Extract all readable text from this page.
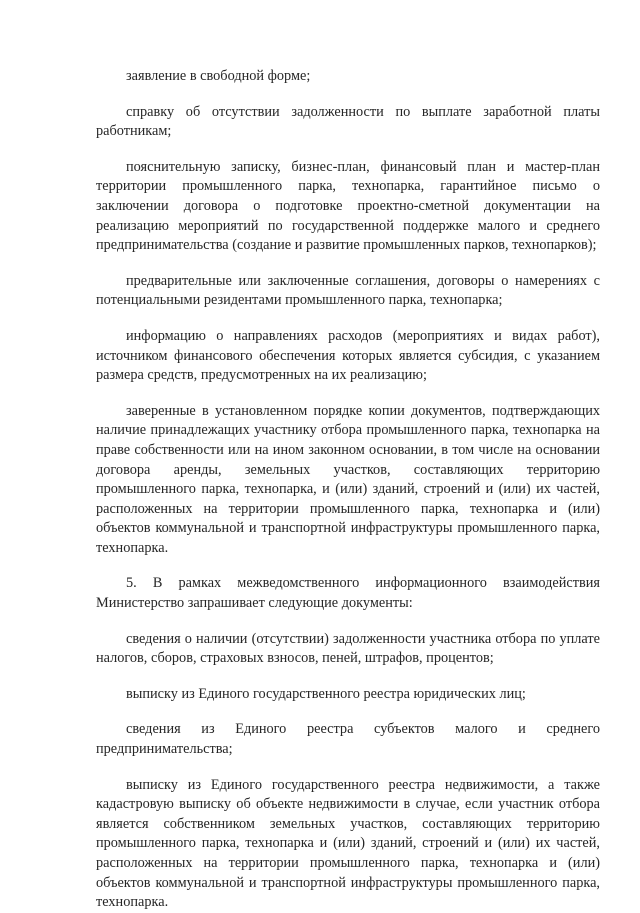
заявление в свободной форме;

справку об отсутствии задолженности по выплате заработной платы работникам;

пояснительную записку, бизнес-план, финансовый план и мастер-план территории промышленного парка, технопарка, гарантийное письмо о заключении договора о подготовке проектно-сметной документации на реализацию мероприятий по государственной поддержке малого и среднего предпринимательства (создание и развитие промышленных парков, технопарков);

предварительные или заключенные соглашения, договоры о намерениях с потенциальными резидентами промышленного парка, технопарка;

информацию о направлениях расходов (мероприятиях и видах работ), источником финансового обеспечения которых является субсидия, с указанием размера средств, предусмотренных на их реализацию;

заверенные в установленном порядке копии документов, подтверждающих наличие принадлежащих участнику отбора промышленного парка, технопарка на праве собственности или на ином законном основании, в том числе на основании договора аренды, земельных участков, составляющих территорию промышленного парка, технопарка, и (или) зданий, строений и (или) их частей, расположенных на территории промышленного парка, технопарка и (или) объектов коммунальной и транспортной инфраструктуры промышленного парка, технопарка.

5. В рамках межведомственного информационного взаимодействия Министерство запрашивает следующие документы:

сведения о наличии (отсутствии) задолженности участника отбора по уплате налогов, сборов, страховых взносов, пеней, штрафов, процентов;

выписку из Единого государственного реестра юридических лиц;

сведения из Единого реестра субъектов малого и среднего предпринимательства;

выписку из Единого государственного реестра недвижимости, а также кадастровую выписку об объекте недвижимости в случае, если участник отбора является собственником земельных участков, составляющих территорию промышленного парка, технопарка и (или) зданий, строений и (или) их частей, расположенных на территории промышленного парка, технопарка и (или) объектов коммунальной и транспортной инфраструктуры промышленного парка, технопарка.
